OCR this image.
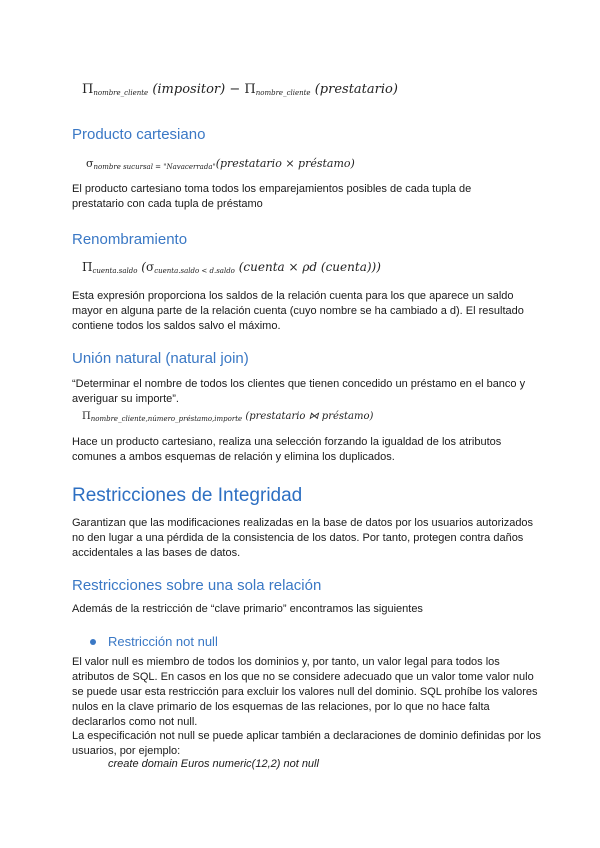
$\Pi_{nombre\_cliente}$ (impositor) − $\Pi_{nombre\_cliente}$ (prestatario)
Producto cartesiano
$\sigma_{nombre sucursal = "Navacerrada"}(prestatario$ × préstamo)

El producto cartesiano toma todos los emparejamientos posibles de cada tupla de prestatario con cada tupla de préstamo

Renombramiento
$\Pi_{cuenta.saldo}$ ($\sigma_{cuenta.saldo < d.saldo}$ (cuenta × ρd (cuenta)))

Esta expresión proporciona los saldos de la relación cuenta para los que aparece un saldo mayor en alguna parte de la relación cuenta (cuyo nombre se ha cambiado a d). El resultado contiene todos los saldos salvo el máximo.

Unión natural (natural join)

“Determinar el nombre de todos los clientes que tienen concedido un préstamo en el banco y averiguar su importe”.

$\Pi_{nombre\_cliente,número\_préstamo,importe}$ (prestatario ⋈ préstamo)

Hace un producto cartesiano, realiza una selección forzando la igualdad de los atributos comunes a ambos esquemas de relación y elimina los duplicados.

Restricciones de Integridad

Garantizan que las modificaciones realizadas en la base de datos por los usuarios autorizados no den lugar a una pérdida de la consistencia de los datos. Por tanto, protegen contra daños accidentales a las bases de datos.

Restricciones sobre una sola relación

Además de la restricción de “clave primario” encontramos las siguientes

Restricción not null

El valor null es miembro de todos los dominios y, por tanto, un valor legal para todos los atributos de SQL. En casos en los que no se considere adecuado que un valor tome valor nulo se puede usar esta restricción para excluir los valores null del dominio. SQL prohíbe los valores nulos en la clave primario de los esquemas de las relaciones, por lo que no hace falta declararlos como not null.

La especificación not null se puede aplicar también a declaraciones de dominio definidas por los usuarios, por ejemplo:

create domain Euros numeric(12,2) not null
